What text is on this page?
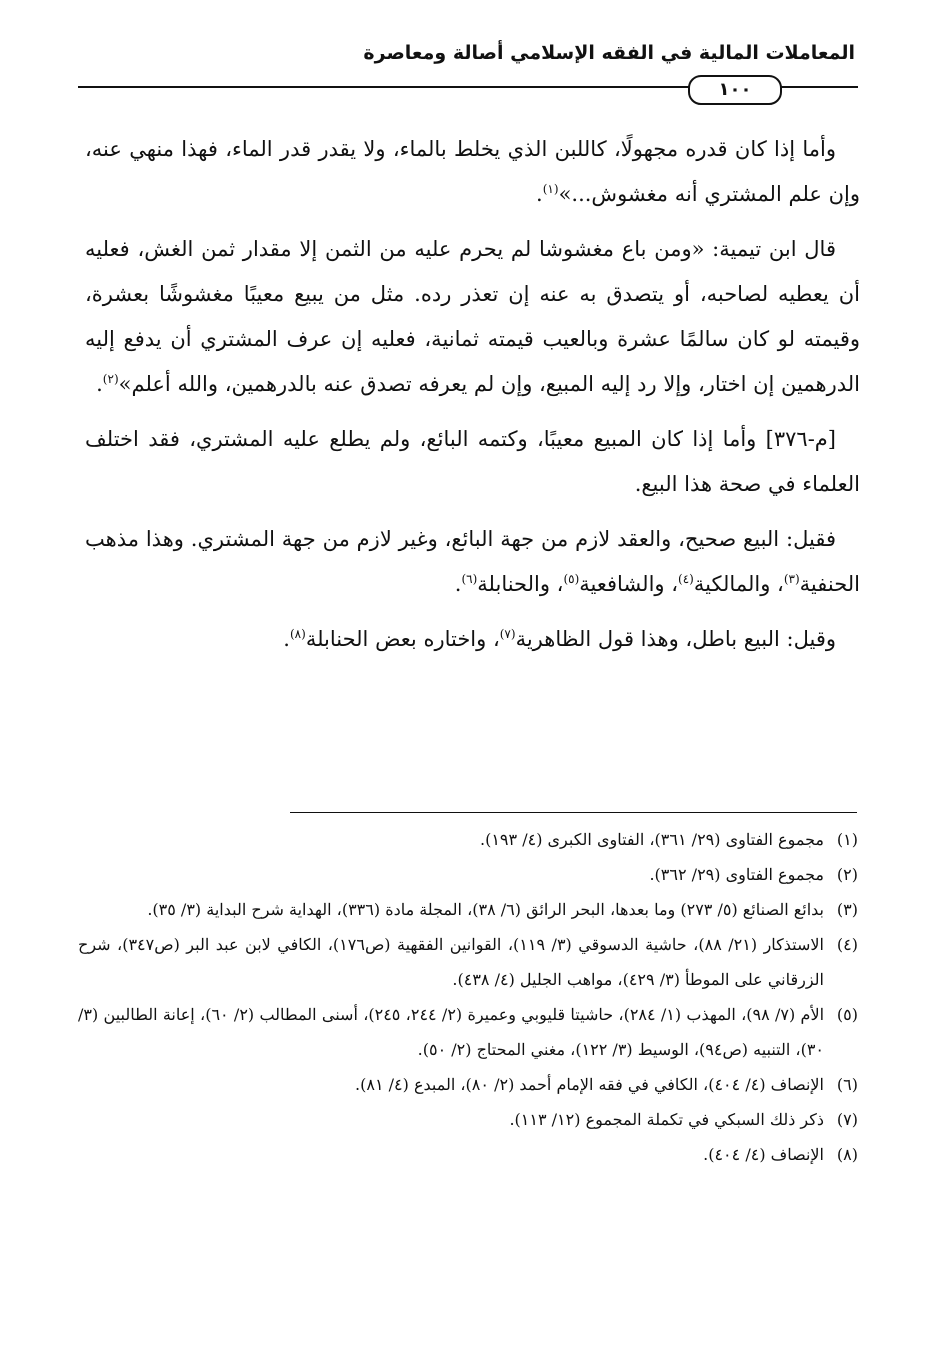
المعاملات المالية في الفقه الإسلامي أصالة ومعاصرة
١٠٠

وأما إذا كان قدره مجهولًا، كاللبن الذي يخلط بالماء، ولا يقدر قدر الماء، فهذا منهي عنه، وإن علم المشتري أنه مغشوش...»$^{(١)}$.

قال ابن تيمية: «ومن باع مغشوشا لم يحرم عليه من الثمن إلا مقدار ثمن الغش، فعليه أن يعطيه لصاحبه، أو يتصدق به عنه إن تعذر رده. مثل من يبيع معيبًا مغشوشًا بعشرة، وقيمته لو كان سالمًا عشرة وبالعيب قيمته ثمانية، فعليه إن عرف المشتري أن يدفع إليه الدرهمين إن اختار، وإلا رد إليه المبيع، وإن لم يعرفه تصدق عنه بالدرهمين، والله أعلم»$^{(٢)}$.

[م-٣٧٦] وأما إذا كان المبيع معيبًا، وكتمه البائع، ولم يطلع عليه المشتري، فقد اختلف العلماء في صحة هذا البيع.

فقيل: البيع صحيح، والعقد لازم من جهة البائع، وغير لازم من جهة المشتري. وهذا مذهب الحنفية$^{(٣)}$، والمالكية$^{(٤)}$، والشافعية$^{(٥)}$، والحنابلة$^{(٦)}$.

وقيل: البيع باطل، وهذا قول الظاهرية$^{(٧)}$، واختاره بعض الحنابلة$^{(٨)}$.

(١)مجموع الفتاوى (٢٩/ ٣٦١)، الفتاوى الكبرى (٤/ ١٩٣).
(٢)مجموع الفتاوى (٢٩/ ٣٦٢).
(٣)بدائع الصنائع (٥/ ٢٧٣) وما بعدها، البحر الرائق (٦/ ٣٨)، المجلة مادة (٣٣٦)، الهداية شرح البداية (٣/ ٣٥).
(٤)الاستذكار (٢١/ ٨٨)، حاشية الدسوقي (٣/ ١١٩)، القوانين الفقهية (ص١٧٦)، الكافي لابن عبد البر (ص٣٤٧)، شرح الزرقاني على الموطأ (٣/ ٤٢٩)، مواهب الجليل (٤/ ٤٣٨).
(٥)الأم (٧/ ٩٨)، المهذب (١/ ٢٨٤)، حاشيتا قليوبي وعميرة (٢/ ٢٤٤، ٢٤٥)، أسنى المطالب (٢/ ٦٠)، إعانة الطالبين (٣/ ٣٠)، التنبيه (ص٩٤)، الوسيط (٣/ ١٢٢)، مغني المحتاج (٢/ ٥٠).
(٦)الإنصاف (٤/ ٤٠٤)، الكافي في فقه الإمام أحمد (٢/ ٨٠)، المبدع (٤/ ٨١).
(٧)ذكر ذلك السبكي في تكملة المجموع (١٢/ ١١٣).
(٨)الإنصاف (٤/ ٤٠٤).
